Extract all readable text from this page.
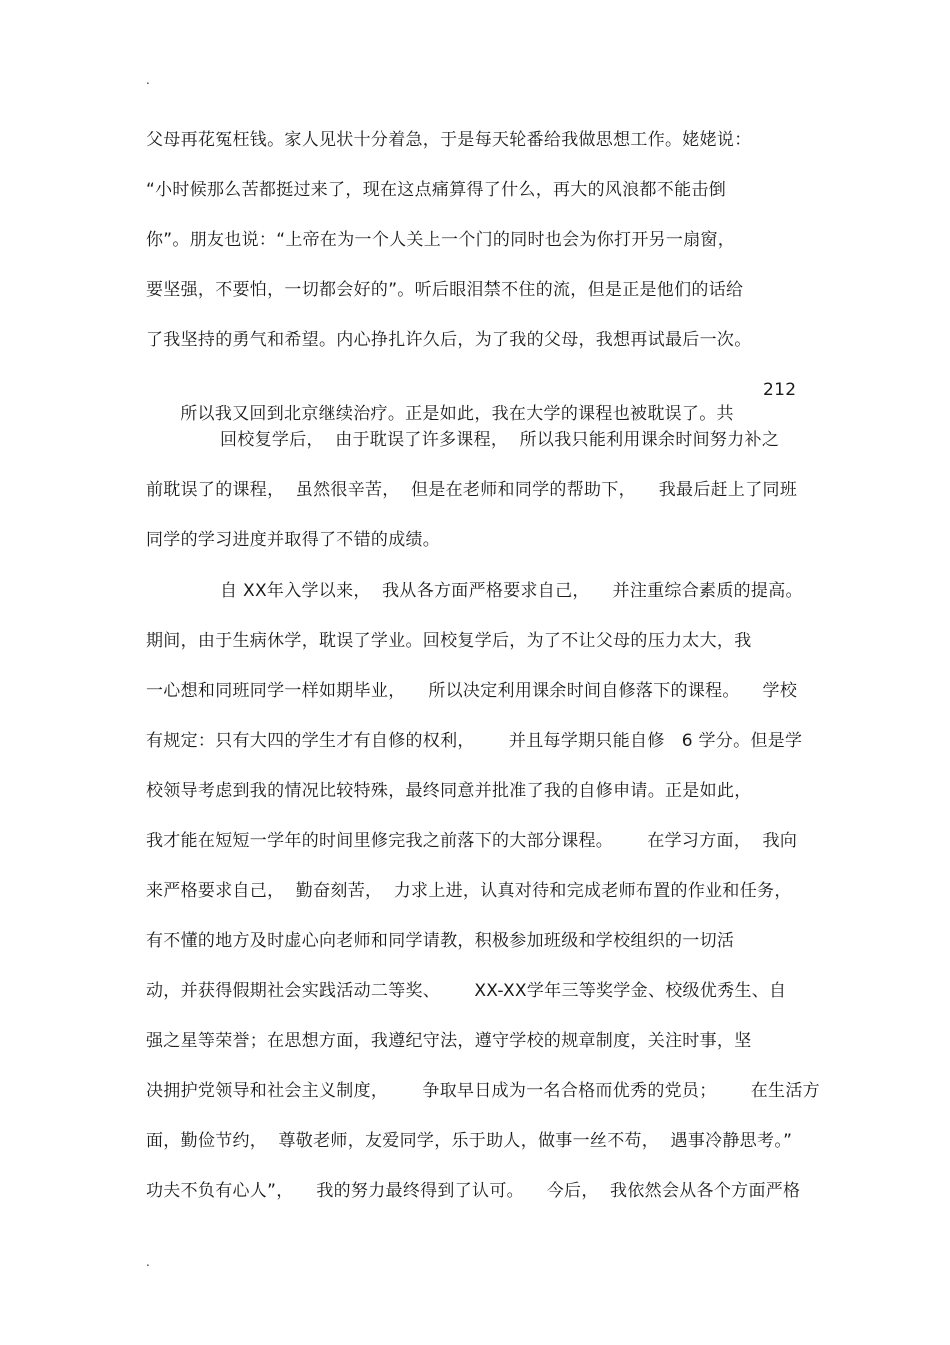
.
父母再花冤枉钱。家人见状十分着急，于是每天轮番给我做思想工作。姥姥说：
“小时候那么苦都挺过来了，现在这点痛算得了什么，再大的风浪都不能击倒
你”。朋友也说：“上帝在为一个人关上一个门的同时也会为你打开另一扇窗，
要坚强，不要怕，一切都会好的”。听后眼泪禁不住的流，但是正是他们的话给
了我坚持的勇气和希望。内心挣扎许久后，为了我的父母，我想再试最后一次。

所以我又回到北京继续治疗。正是如此，我在大学的课程也被耽误了。共

212

回校复学后，  由于耽误了许多课程，  所以我只能利用课余时间努力补之
前耽误了的课程，  虽然很辛苦，  但是在老师和同学的帮助下，    我最后赶上了同班
同学的学习进度并取得了不错的成绩。
自 XX年入学以来，  我从各方面严格要求自己，    并注重综合素质的提高。
期间，由于生病休学，耽误了学业。回校复学后，为了不让父母的压力太大，我
一心想和同班同学一样如期毕业，    所以决定利用课余时间自修落下的课程。    学校
有规定：只有大四的学生才有自修的权利，      并且每学期只能自修   6 学分。但是学
校领导考虑到我的情况比较特殊，最终同意并批准了我的自修申请。正是如此，
我才能在短短一学年的时间里修完我之前落下的大部分课程。      在学习方面，  我向
来严格要求自己，  勤奋刻苦，  力求上进，认真对待和完成老师布置的作业和任务，
有不懂的地方及时虚心向老师和同学请教，积极参加班级和学校组织的一切活
动，并获得假期社会实践活动二等奖、      XX-XX学年三等奖学金、校级优秀生、自
强之星等荣誉；在思想方面，我遵纪守法，遵守学校的规章制度，关注时事，坚
决拥护党领导和社会主义制度，      争取早日成为一名合格而优秀的党员；      在生活方
面，勤俭节约，  尊敬老师，友爱同学，乐于助人，做事一丝不苟，  遇事冷静思考。”
功夫不负有心人”，    我的努力最终得到了认可。    今后，  我依然会从各个方面严格
.
